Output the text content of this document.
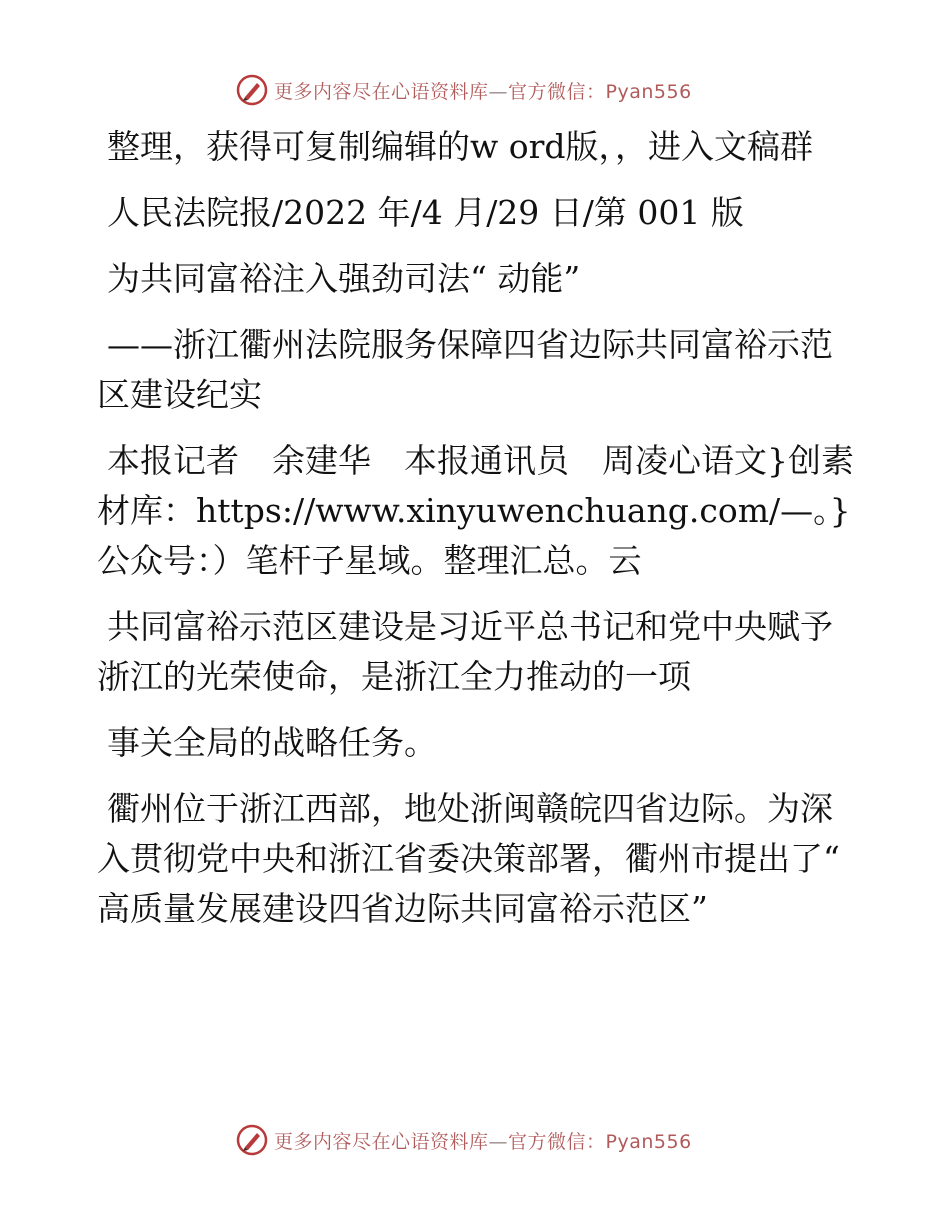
更多内容尽在心语资料库—官方微信：Pyan556

整理，获得可复制编辑的w ord版，，进入文稿群

人民法院报/2022 年/4 月/29 日/第 001 版

为共同富裕注入强劲司法“ 动能”

——浙江衢州法院服务保障四省边际共同富裕示范区建设纪实

本报记者　余建华　本报通讯员　周凌心语文}创素材库：https://www.xinyuwenchuang.com/—。}公众号：）笔杆子星域。整理汇总。云

共同富裕示范区建设是习近平总书记和党中央赋予浙江的光荣使命，是浙江全力推动的一项

事关全局的战略任务。

衢州位于浙江西部，地处浙闽赣皖四省边际。为深入贯彻党中央和浙江省委决策部署，衢州市提出了“ 高质量发展建设四省边际共同富裕示范区”

更多内容尽在心语资料库—官方微信：Pyan556
